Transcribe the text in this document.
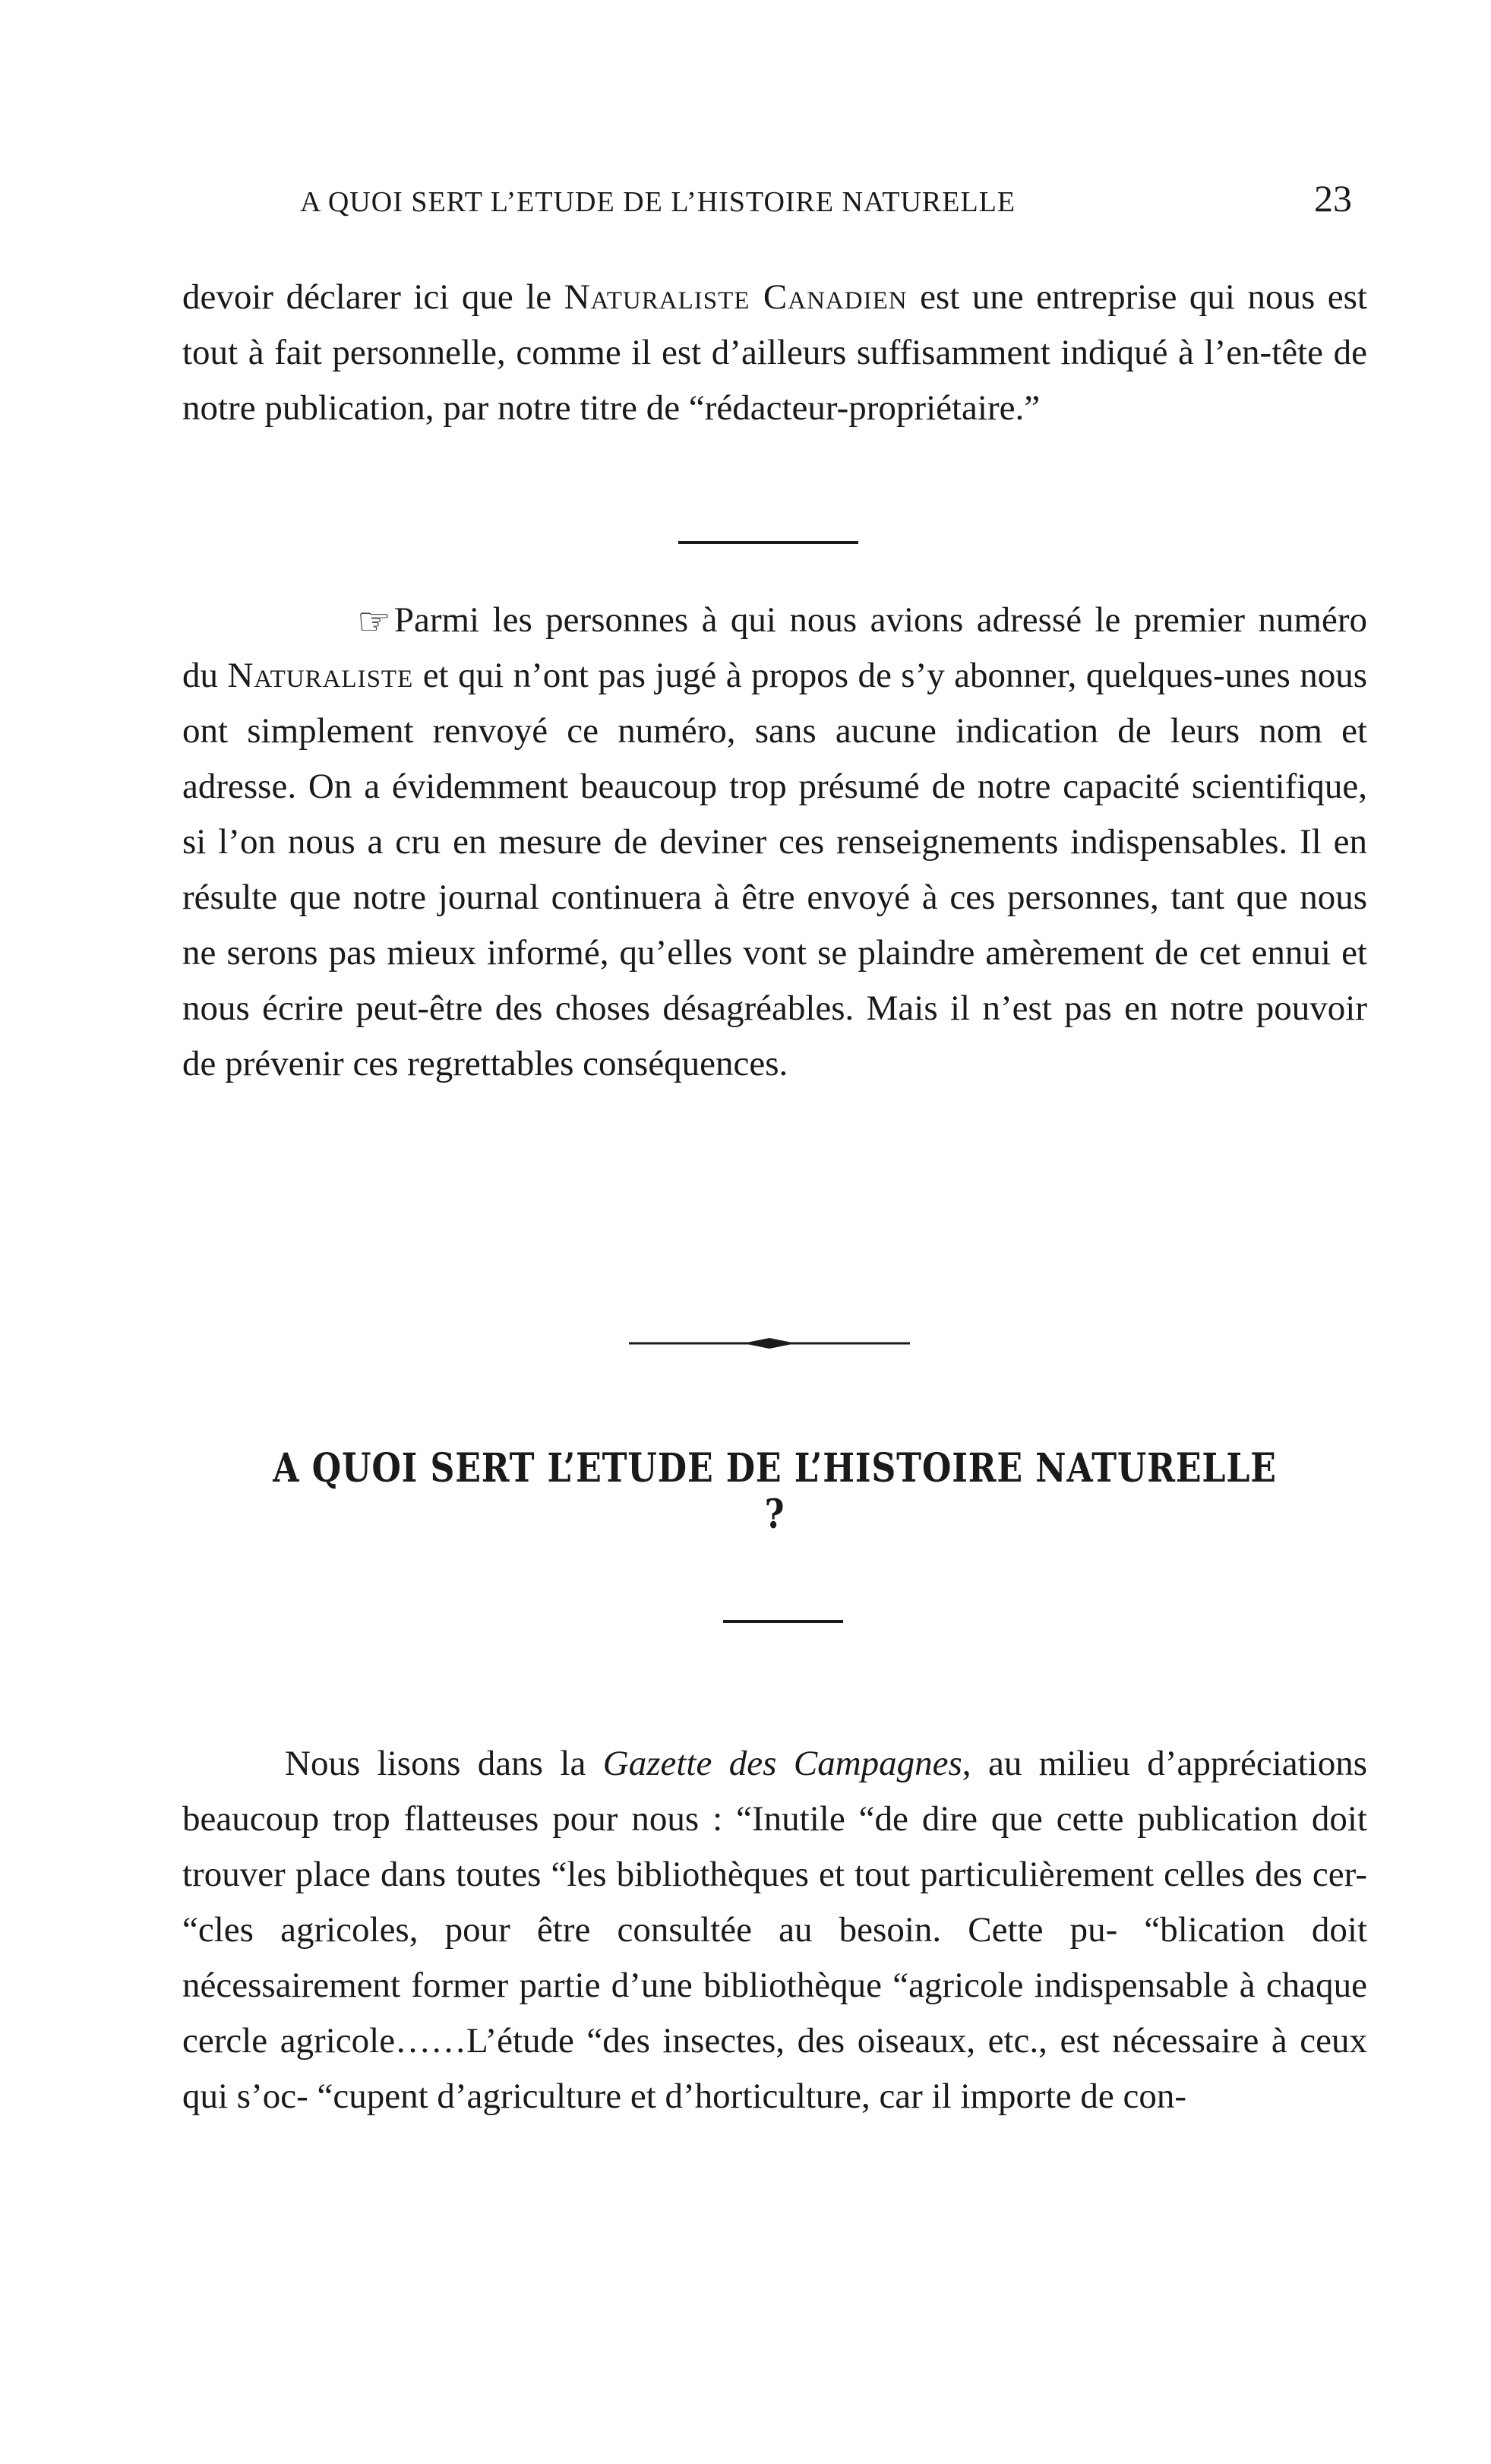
A QUOI SERT L’ETUDE DE L’HISTOIRE NATURELLE	23

devoir déclarer ici que le Naturaliste Canadien est une entreprise qui nous est tout à fait personnelle, comme il est d’ailleurs suffisamment indiqué à l’en-tête de notre publication, par notre titre de “rédacteur-propriétaire.”

☞Parmi les personnes à qui nous avions adressé le premier numéro du Naturaliste et qui n’ont pas jugé à propos de s’y abonner, quelques-unes nous ont simplement renvoyé ce numéro, sans aucune indication de leurs nom et adresse. On a évidemment beaucoup trop présumé de notre capacité scientifique, si l’on nous a cru en mesure de deviner ces renseignements indispensables. Il en résulte que notre journal continuera à être envoyé à ces personnes, tant que nous ne serons pas mieux informé, qu’elles vont se plaindre amèrement de cet ennui et nous écrire peut-être des choses désagréables. Mais il n’est pas en notre pouvoir de prévenir ces regrettables conséquences.

A QUOI SERT L’ETUDE DE L’HISTOIRE NATURELLE ?

Nous lisons dans la Gazette des Campagnes, au milieu d’appréciations beaucoup trop flatteuses pour nous : “Inutile “de dire que cette publication doit trouver place dans toutes “les bibliothèques et tout particulièrement celles des cer- “cles agricoles, pour être consultée au besoin. Cette pu- “blication doit nécessairement former partie d’une bibliothèque “agricole indispensable à chaque cercle agricole……L’étude “des insectes, des oiseaux, etc., est nécessaire à ceux qui s’oc- “cupent d’agriculture et d’horticulture, car il importe de con-
